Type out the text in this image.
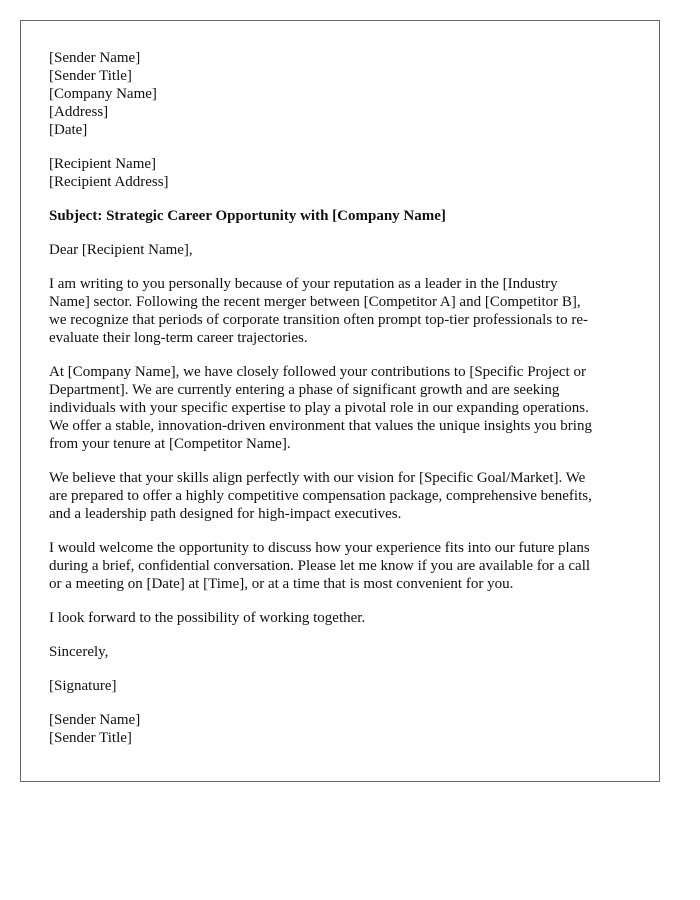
[Sender Name]
[Sender Title]
[Company Name]
[Address]
[Date]
[Recipient Name]
[Recipient Address]
Subject: Strategic Career Opportunity with [Company Name]
Dear [Recipient Name],
I am writing to you personally because of your reputation as a leader in the [Industry
Name] sector. Following the recent merger between [Competitor A] and [Competitor B],
we recognize that periods of corporate transition often prompt top-tier professionals to re-
evaluate their long-term career trajectories.
At [Company Name], we have closely followed your contributions to [Specific Project or
Department]. We are currently entering a phase of significant growth and are seeking
individuals with your specific expertise to play a pivotal role in our expanding operations.
We offer a stable, innovation-driven environment that values the unique insights you bring
from your tenure at [Competitor Name].
We believe that your skills align perfectly with our vision for [Specific Goal/Market]. We
are prepared to offer a highly competitive compensation package, comprehensive benefits,
and a leadership path designed for high-impact executives.
I would welcome the opportunity to discuss how your experience fits into our future plans
during a brief, confidential conversation. Please let me know if you are available for a call
or a meeting on [Date] at [Time], or at a time that is most convenient for you.
I look forward to the possibility of working together.
Sincerely,
[Signature]
[Sender Name]
[Sender Title]
